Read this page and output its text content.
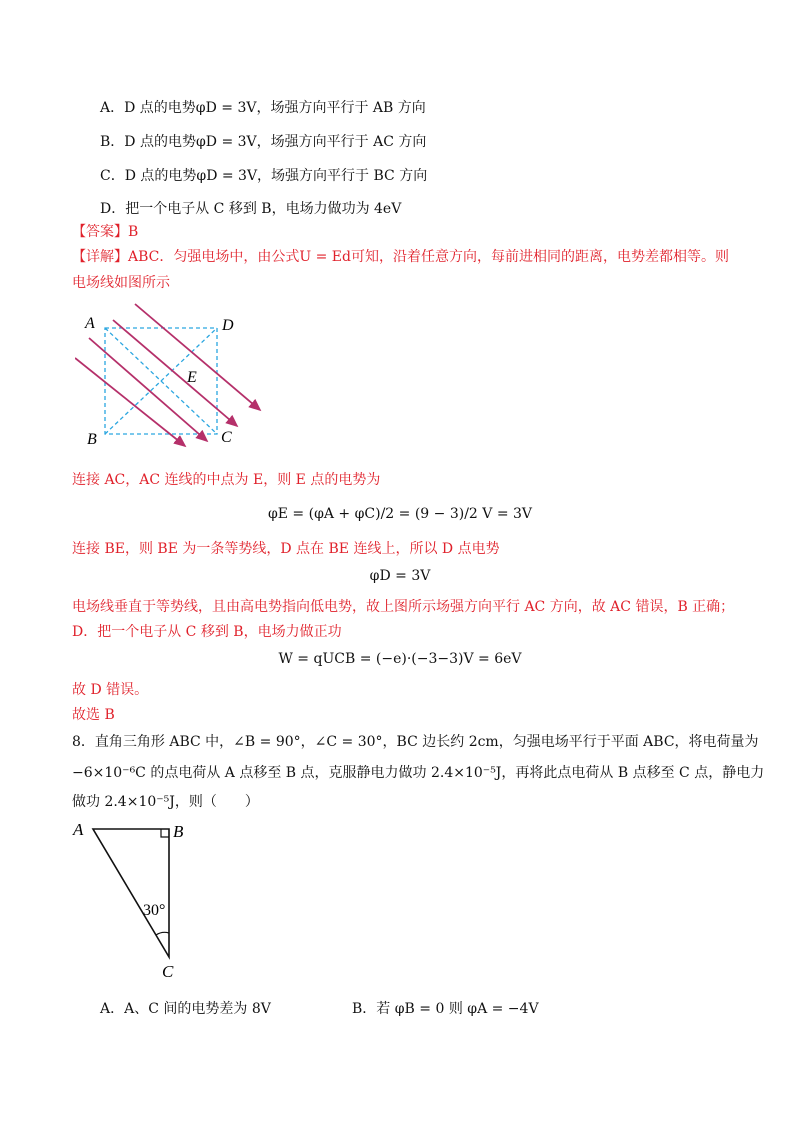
A．D 点的电势φD = 3V，场强方向平行于 AB 方向
B．D 点的电势φD = 3V，场强方向平行于 AC 方向
C．D 点的电势φD = 3V，场强方向平行于 BC 方向
D．把一个电子从 C 移到 B，电场力做功为 4eV
【答案】B
【详解】ABC．匀强电场中，由公式U = Ed可知，沿着任意方向，每前进相同的距离，电势差都相等。则
电场线如图所示
A	D
E
B	C
连接 AC，AC 连线的中点为 E，则 E 点的电势为
φE = (φA + φC)/2 = (9 − 3)/2 V = 3V
连接 BE，则 BE 为一条等势线，D 点在 BE 连线上，所以 D 点电势
φD = 3V
电场线垂直于等势线，且由高电势指向低电势，故上图所示场强方向平行 AC 方向，故 AC 错误，B 正确；
D．把一个电子从 C 移到 B，电场力做正功
W = qUCB = (−e)·(−3−3)V = 6eV
故 D 错误。
故选 B
8．直角三角形 ABC 中，∠B = 90°，∠C = 30°，BC 边长约 2cm，匀强电场平行于平面 ABC，将电荷量为
−6×10⁻⁶C 的点电荷从 A 点移至 B 点，克服静电力做功 2.4×10⁻⁵J，再将此点电荷从 B 点移至 C 点，静电力
做功 2.4×10⁻⁵J，则（　　）
A	B
30°
C
A．A、C 间的电势差为 8V	B．若 φB = 0 则 φA = −4V
